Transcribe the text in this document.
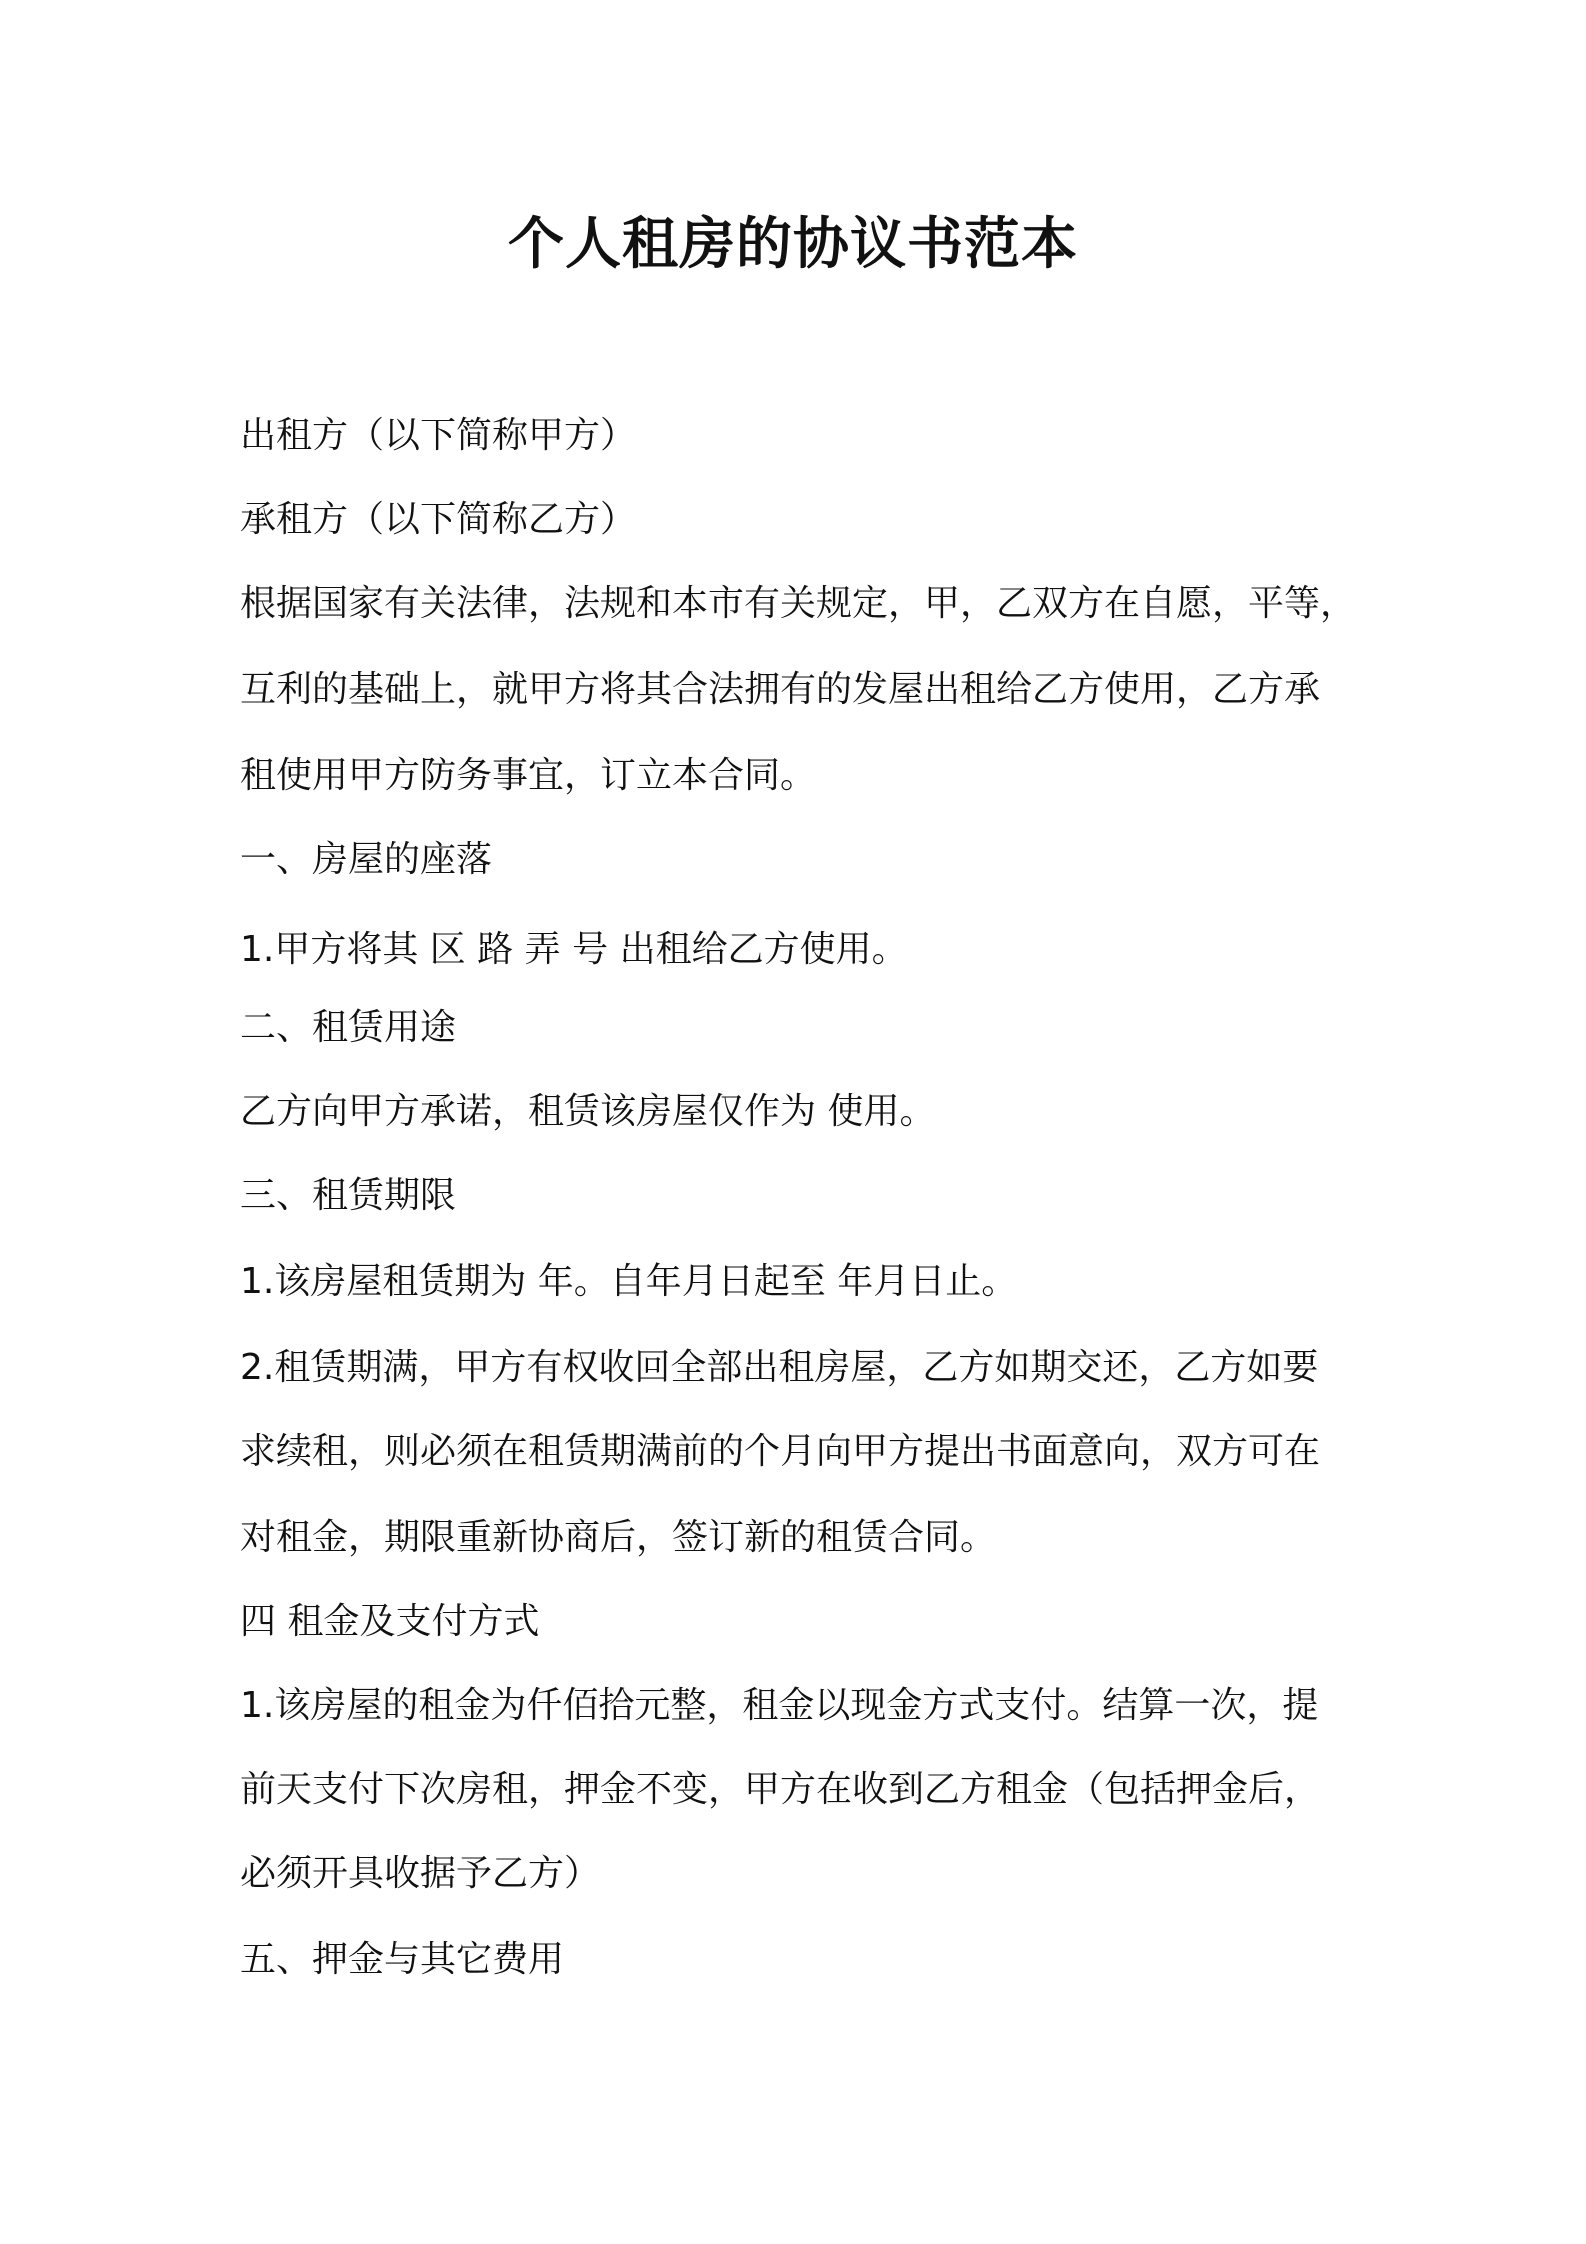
个人租房的协议书范本
出租方（以下简称甲方）
承租方（以下简称乙方）
根据国家有关法律，法规和本市有关规定，甲，乙双方在自愿，平等，
互利的基础上，就甲方将其合法拥有的发屋出租给乙方使用，乙方承
租使用甲方防务事宜，订立本合同。
一、房屋的座落
1.甲方将其 区 路 弄 号 出租给乙方使用。
二、租赁用途
乙方向甲方承诺，租赁该房屋仅作为 使用。
三、租赁期限
1.该房屋租赁期为 年。自年月日起至 年月日止。
2.租赁期满，甲方有权收回全部出租房屋，乙方如期交还，乙方如要
求续租，则必须在租赁期满前的个月向甲方提出书面意向，双方可在
对租金，期限重新协商后，签订新的租赁合同。
四 租金及支付方式
1.该房屋的租金为仟佰拾元整，租金以现金方式支付。结算一次，提
前天支付下次房租，押金不变，甲方在收到乙方租金（包括押金后，
必须开具收据予乙方）
五、押金与其它费用
